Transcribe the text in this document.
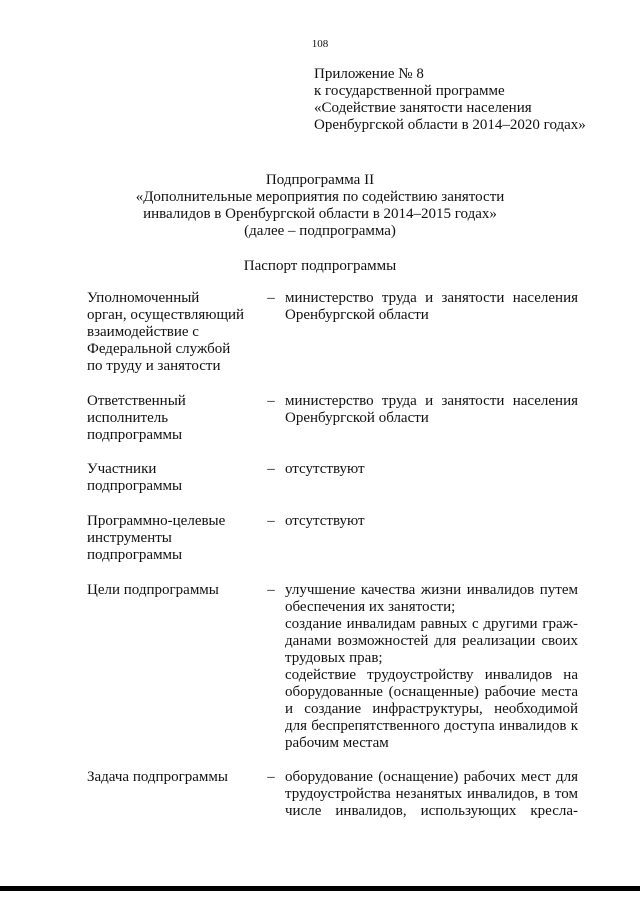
108
Приложение № 8
к государственной программе
«Содействие занятости населения
Оренбургской области в 2014–2020 годах»
Подпрограмма II
«Дополнительные мероприятия по содействию занятости
инвалидов в Оренбургской области в 2014–2015 годах»
(далее – подпрограмма)
Паспорт подпрограммы
Уполномоченный
орган, осуществляющий
взаимодействие с
Федеральной службой
по труду и занятости
– министерство труда и занятости населения
Оренбургской области
Ответственный
исполнитель
подпрограммы
– министерство труда и занятости населения
Оренбургской области
Участники
подпрограммы
– отсутствуют
Программно-целевые
инструменты
подпрограммы
– отсутствуют
Цели подпрограммы	– улучшение качества жизни инвалидов путем
обеспечения их занятости;
создание инвалидам равных с другими граж-
данами возможностей для реализации своих
трудовых прав;
содействие трудоустройству инвалидов на
оборудованные (оснащенные) рабочие места
и создание инфраструктуры, необходимой
для беспрепятственного доступа инвалидов к
рабочим местам
Задача подпрограммы	– оборудование (оснащение) рабочих мест для
трудоустройства незанятых инвалидов, в том
числе инвалидов, использующих кресла-
